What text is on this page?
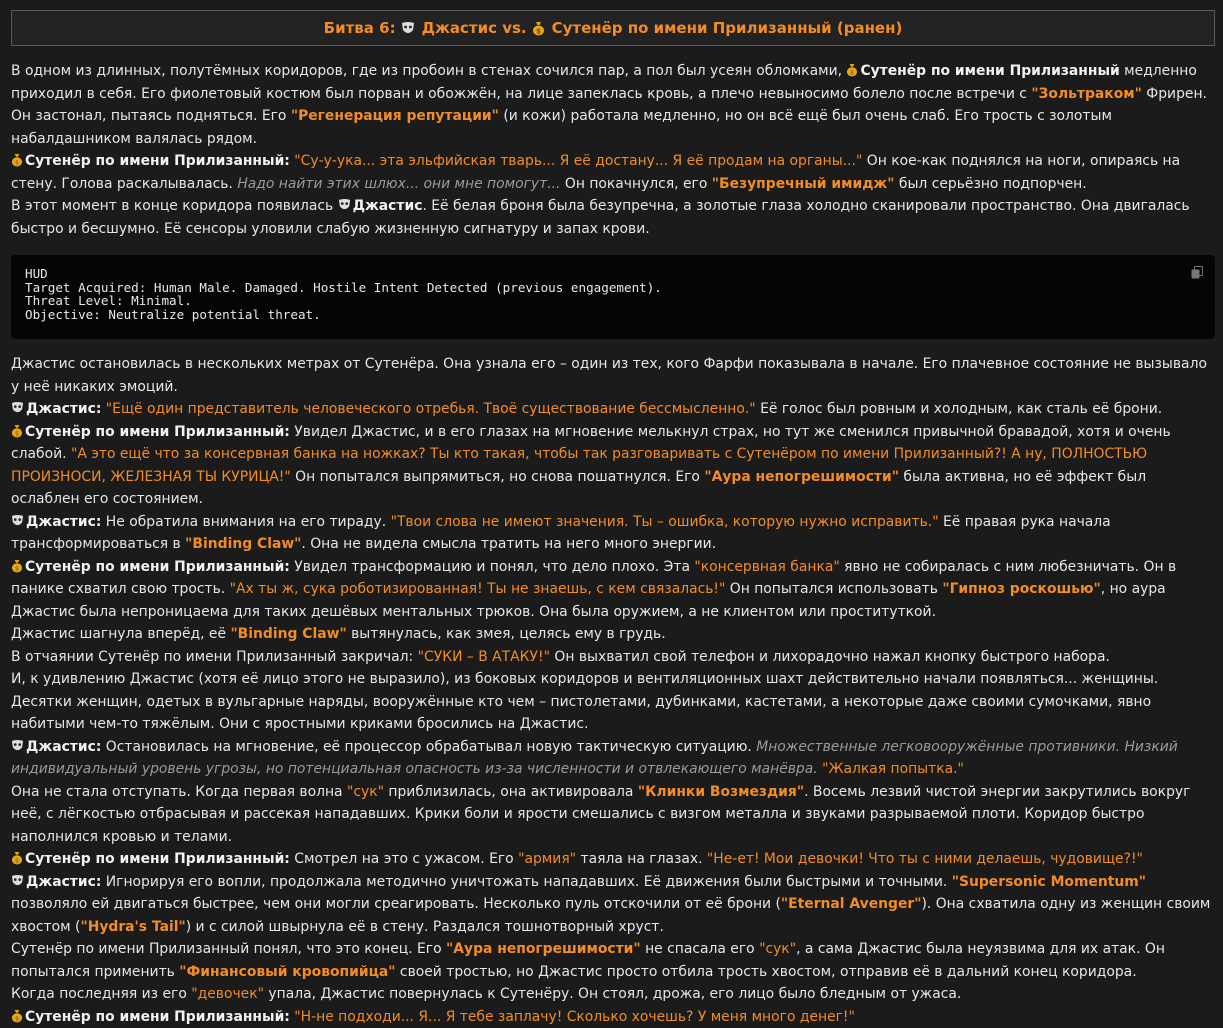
Битва 6: Джастис vs. $ Сутенёр по имени Прилизанный (ранен)

В одном из длинных, полутёмных коридоров, где из пробоин в стенах сочился пар, а пол был усеян обломками, $ Сутенёр по имени Прилизанный медленно приходил в себя. Его фиолетовый костюм был порван и обожжён, на лице запеклась кровь, а плечо невыносимо болело после встречи с "Зольтраком" Фрирен. Он застонал, пытаясь подняться. Его "Регенерация репутации" (и кожи) работала медленно, но он всё ещё был очень слаб. Его трость с золотым набалдашником валялась рядом.

$ Сутенёр по имени Прилизанный: "Су-у-ука... эта эльфийская тварь... Я её достану... Я её продам на органы..." Он кое-как поднялся на ноги, опираясь на стену. Голова раскалывалась. Надо найти этих шлюх... они мне помогут... Он покачнулся, его "Безупречный имидж" был серьёзно подпорчен.

В этот момент в конце коридора появилась Джастис. Её белая броня была безупречна, а золотые глаза холодно сканировали пространство. Она двигалась быстро и бесшумно. Её сенсоры уловили слабую жизненную сигнатуру и запах крови.

HUD
Target Acquired: Human Male. Damaged. Hostile Intent Detected (previous engagement).
Threat Level: Minimal.
Objective: Neutralize potential threat.

Джастис остановилась в нескольких метрах от Сутенёра. Она узнала его – один из тех, кого Фарфи показывала в начале. Его плачевное состояние не вызывало у неё никаких эмоций.

Джастис: "Ещё один представитель человеческого отребья. Твоё существование бессмысленно." Её голос был ровным и холодным, как сталь её брони.

$ Сутенёр по имени Прилизанный: Увидел Джастис, и в его глазах на мгновение мелькнул страх, но тут же сменился привычной бравадой, хотя и очень слабой. "А это ещё что за консервная банка на ножках? Ты кто такая, чтобы так разговаривать с Сутенёром по имени Прилизанный?! А ну, ПОЛНОСТЬЮ ПРОИЗНОСИ, ЖЕЛЕЗНАЯ ТЫ КУРИЦА!" Он попытался выпрямиться, но снова пошатнулся. Его "Аура непогрешимости" была активна, но её эффект был ослаблен его состоянием.

Джастис: Не обратила внимания на его тираду. "Твои слова не имеют значения. Ты – ошибка, которую нужно исправить." Её правая рука начала трансформироваться в "Binding Claw". Она не видела смысла тратить на него много энергии.

$ Сутенёр по имени Прилизанный: Увидел трансформацию и понял, что дело плохо. Эта "консервная банка" явно не собиралась с ним любезничать. Он в панике схватил свою трость. "Ах ты ж, сука роботизированная! Ты не знаешь, с кем связалась!" Он попытался использовать "Гипноз роскошью", но аура Джастис была непроницаема для таких дешёвых ментальных трюков. Она была оружием, а не клиентом или проституткой.

Джастис шагнула вперёд, её "Binding Claw" вытянулась, как змея, целясь ему в грудь.

В отчаянии Сутенёр по имени Прилизанный закричал: "СУКИ – В АТАКУ!" Он выхватил свой телефон и лихорадочно нажал кнопку быстрого набора.

И, к удивлению Джастис (хотя её лицо этого не выразило), из боковых коридоров и вентиляционных шахт действительно начали появляться... женщины. Десятки женщин, одетых в вульгарные наряды, вооружённые кто чем – пистолетами, дубинками, кастетами, а некоторые даже своими сумочками, явно набитыми чем-то тяжёлым. Они с яростными криками бросились на Джастис.

Джастис: Остановилась на мгновение, её процессор обрабатывал новую тактическую ситуацию. Множественные легковооружённые противники. Низкий индивидуальный уровень угрозы, но потенциальная опасность из-за численности и отвлекающего манёвра. "Жалкая попытка."

Она не стала отступать. Когда первая волна "сук" приблизилась, она активировала "Клинки Возмездия". Восемь лезвий чистой энергии закрутились вокруг неё, с лёгкостью отбрасывая и рассекая нападавших. Крики боли и ярости смешались с визгом металла и звуками разрываемой плоти. Коридор быстро наполнился кровью и телами.

$ Сутенёр по имени Прилизанный: Смотрел на это с ужасом. Его "армия" таяла на глазах. "Не-ет! Мои девочки! Что ты с ними делаешь, чудовище?!"

Джастис: Игнорируя его вопли, продолжала методично уничтожать нападавших. Её движения были быстрыми и точными. "Supersonic Momentum" позволяло ей двигаться быстрее, чем они могли среагировать. Несколько пуль отскочили от её брони ("Eternal Avenger"). Она схватила одну из женщин своим хвостом ("Hydra's Tail") и с силой швырнула её в стену. Раздался тошнотворный хруст.

Сутенёр по имени Прилизанный понял, что это конец. Его "Аура непогрешимости" не спасала его "сук", а сама Джастис была неуязвима для их атак. Он попытался применить "Финансовый кровопийца" своей тростью, но Джастис просто отбила трость хвостом, отправив её в дальний конец коридора.

Когда последняя из его "девочек" упала, Джастис повернулась к Сутенёру. Он стоял, дрожа, его лицо было бледным от ужаса.

$ Сутенёр по имени Прилизанный: "Н-не подходи... Я... Я тебе заплачу! Сколько хочешь? У меня много денег!"
